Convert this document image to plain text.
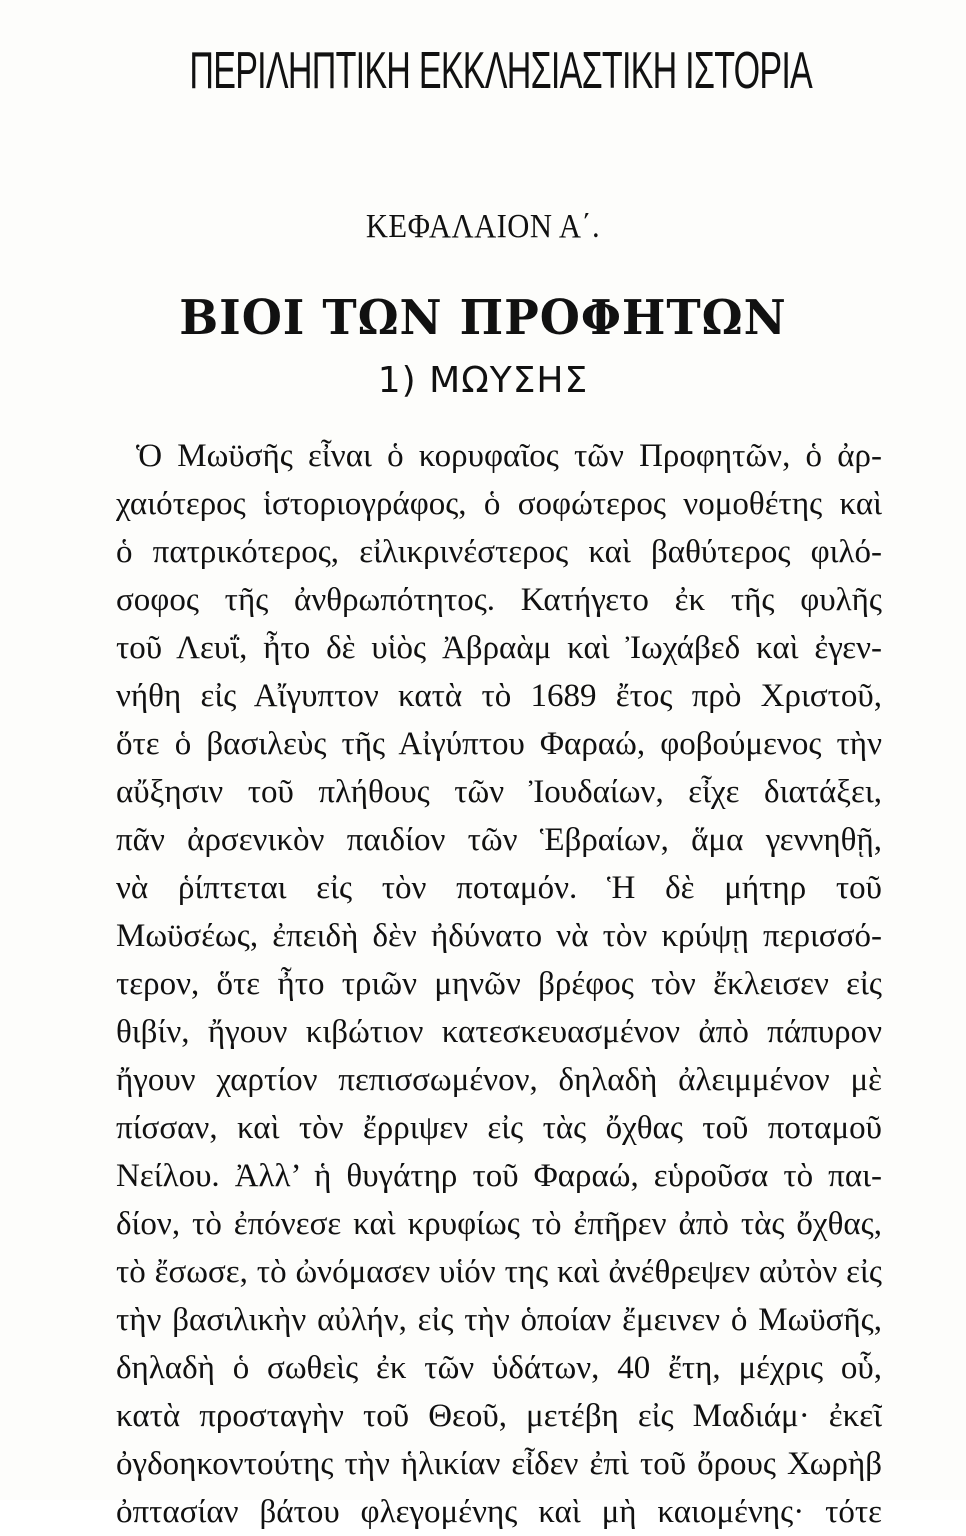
ΠΕΡΙΛΗΠΤΙΚΗ ΕΚΚΛΗΣΙΑΣΤΙΚΗ ΙΣΤΟΡΙΑ
ΚΕΦΑΛΑΙΟΝ Α΄.
ΒΙΟΙ ΤΩΝ ΠΡΟΦΗΤΩΝ
1) ΜΩΥΣΗΣ
Ὁ Μωϋσῆς εἶναι ὁ κορυφαῖος τῶν Προφητῶν, ὁ ἀρ-
χαιότερος ἱστοριογράφος, ὁ σοφώτερος νομοθέτης καὶ
ὁ πατρικότερος, εἰλικρινέστερος καὶ βαθύτερος φιλό-
σοφος τῆς ἀνθρωπότητος. Κατήγετο ἐκ τῆς φυλῆς
τοῦ Λευΐ, ἦτο δὲ υἱὸς Ἀβραὰμ καὶ Ἰωχάβεδ καὶ ἐγεν-
νήθη εἰς Αἴγυπτον κατὰ τὸ 1689 ἔτος πρὸ Χριστοῦ,
ὅτε ὁ βασιλεὺς τῆς Αἰγύπτου Φαραώ, φοβούμενος τὴν
αὔξησιν τοῦ πλήθους τῶν Ἰουδαίων, εἶχε διατάξει,
πᾶν ἀρσενικὸν παιδίον τῶν Ἑβραίων, ἅμα γεννηθῇ,
νὰ ῥίπτεται εἰς τὸν ποταμόν. Ἡ δὲ μήτηρ τοῦ
Μωϋσέως, ἐπειδὴ δὲν ἠδύνατο νὰ τὸν κρύψῃ περισσό-
τερον, ὅτε ἦτο τριῶν μηνῶν βρέφος τὸν ἔκλεισεν εἰς
θιβίν, ἤγουν κιβώτιον κατεσκευασμένον ἀπὸ πάπυρον
ἤγουν χαρτίον πεπισσωμένον, δηλαδὴ ἀλειμμένον μὲ
πίσσαν, καὶ τὸν ἔρριψεν εἰς τὰς ὄχθας τοῦ ποταμοῦ
Νείλου. Ἀλλ’ ἡ θυγάτηρ τοῦ Φαραώ, εὑροῦσα τὸ παι-
δίον, τὸ ἐπόνεσε καὶ κρυφίως τὸ ἐπῆρεν ἀπὸ τὰς ὄχθας,
τὸ ἔσωσε, τὸ ὠνόμασεν υἱόν της καὶ ἀνέθρεψεν αὐτὸν εἰς
τὴν βασιλικὴν αὐλήν, εἰς τὴν ὁποίαν ἔμεινεν ὁ Μωϋσῆς,
δηλαδὴ ὁ σωθεὶς ἐκ τῶν ὑδάτων, 40 ἔτη, μέχρις οὗ,
κατὰ προσταγὴν τοῦ Θεοῦ, μετέβη εἰς Μαδιάμ· ἐκεῖ
ὀγδοηκοντούτης τὴν ἡλικίαν εἶδεν ἐπὶ τοῦ ὄρους Χωρὴβ
ὀπτασίαν βάτου φλεγομένης καὶ μὴ καιομένης· τότε
